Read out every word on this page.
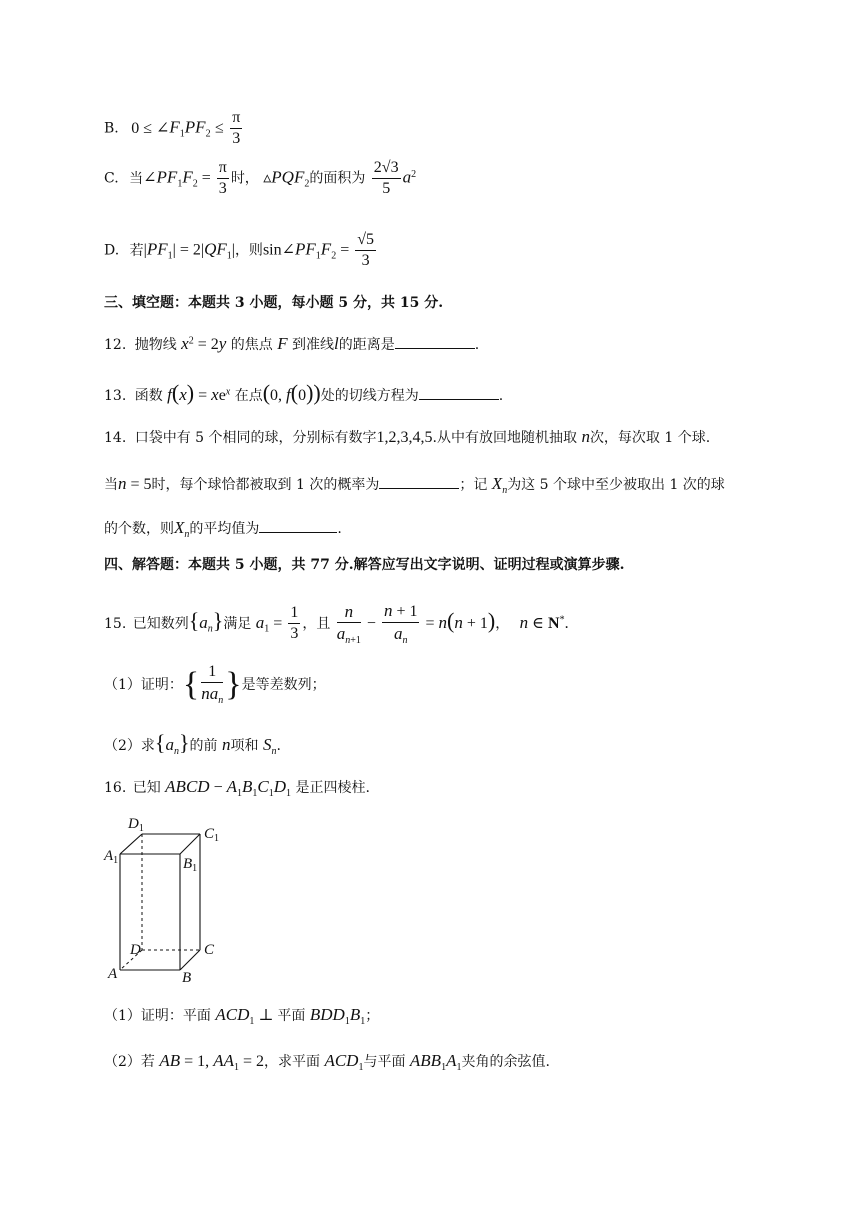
B. $0 \le \angle F_1PF_2 \le \frac{\pi}{3}$
C. 当$\angle PF_1F_2 = \frac{\pi}{3}$ 时， $▵PQF_2$的面积为 $\frac{2√3}{5} a^2$
D. 若$|PF_1| = 2|QF_1|$，则$\sin\angle PF_1F_2 = \frac{√5}{3}$
三、填空题：本题共 3 小题，每小题 5 分，共 15 分.
12. 抛物线 $x^2 = 2y$ 的焦点 F 到准线l的距离是	.
13. 函数 $f(x) = xe^x$ 在点(0, f(0))处的切线方程为	.
14. 口袋中有 5 个相同的球，分别标有数字1,2,3,4,5.从中有放回地随机抽取 n次，每次取 1 个球.
当n = 5时，每个球恰都被取到 1 次的概率为	；记 $X_n$为这 5 个球中至少被取出 1 次的球
的个数，则$X_n$的平均值为	.
四、解答题：本题共 5 小题，共 77 分.解答应写出文字说明、证明过程或演算步骤.
15. 已知数列$\{a_n\}$满足 $a_1 = \frac{1}{3}$ ，且 $\frac{n}{a_{n+1}} - \frac{n + 1}{a_n} = n(n + 1)$， n ∈ N*.
（1）证明：{ $\frac{1}{na_n}$ }是等差数列；
（2）求$\{a_n\}$的前 n项和 $S_n$.
16. 已知 ABCD − $A_1B_1C_1D_1$ 是正四棱柱.
$D_1$	$C_1$
$A_1$	$B_1$
D	C
A	B
（1）证明：平面 $ACD_1$ ⊥ 平面 $BDD_1B_1$；
（2）若 AB = 1, $AA_1 = 2$，求平面 $ACD_1$与平面 $ABB_1A_1$夹角的余弦值.
